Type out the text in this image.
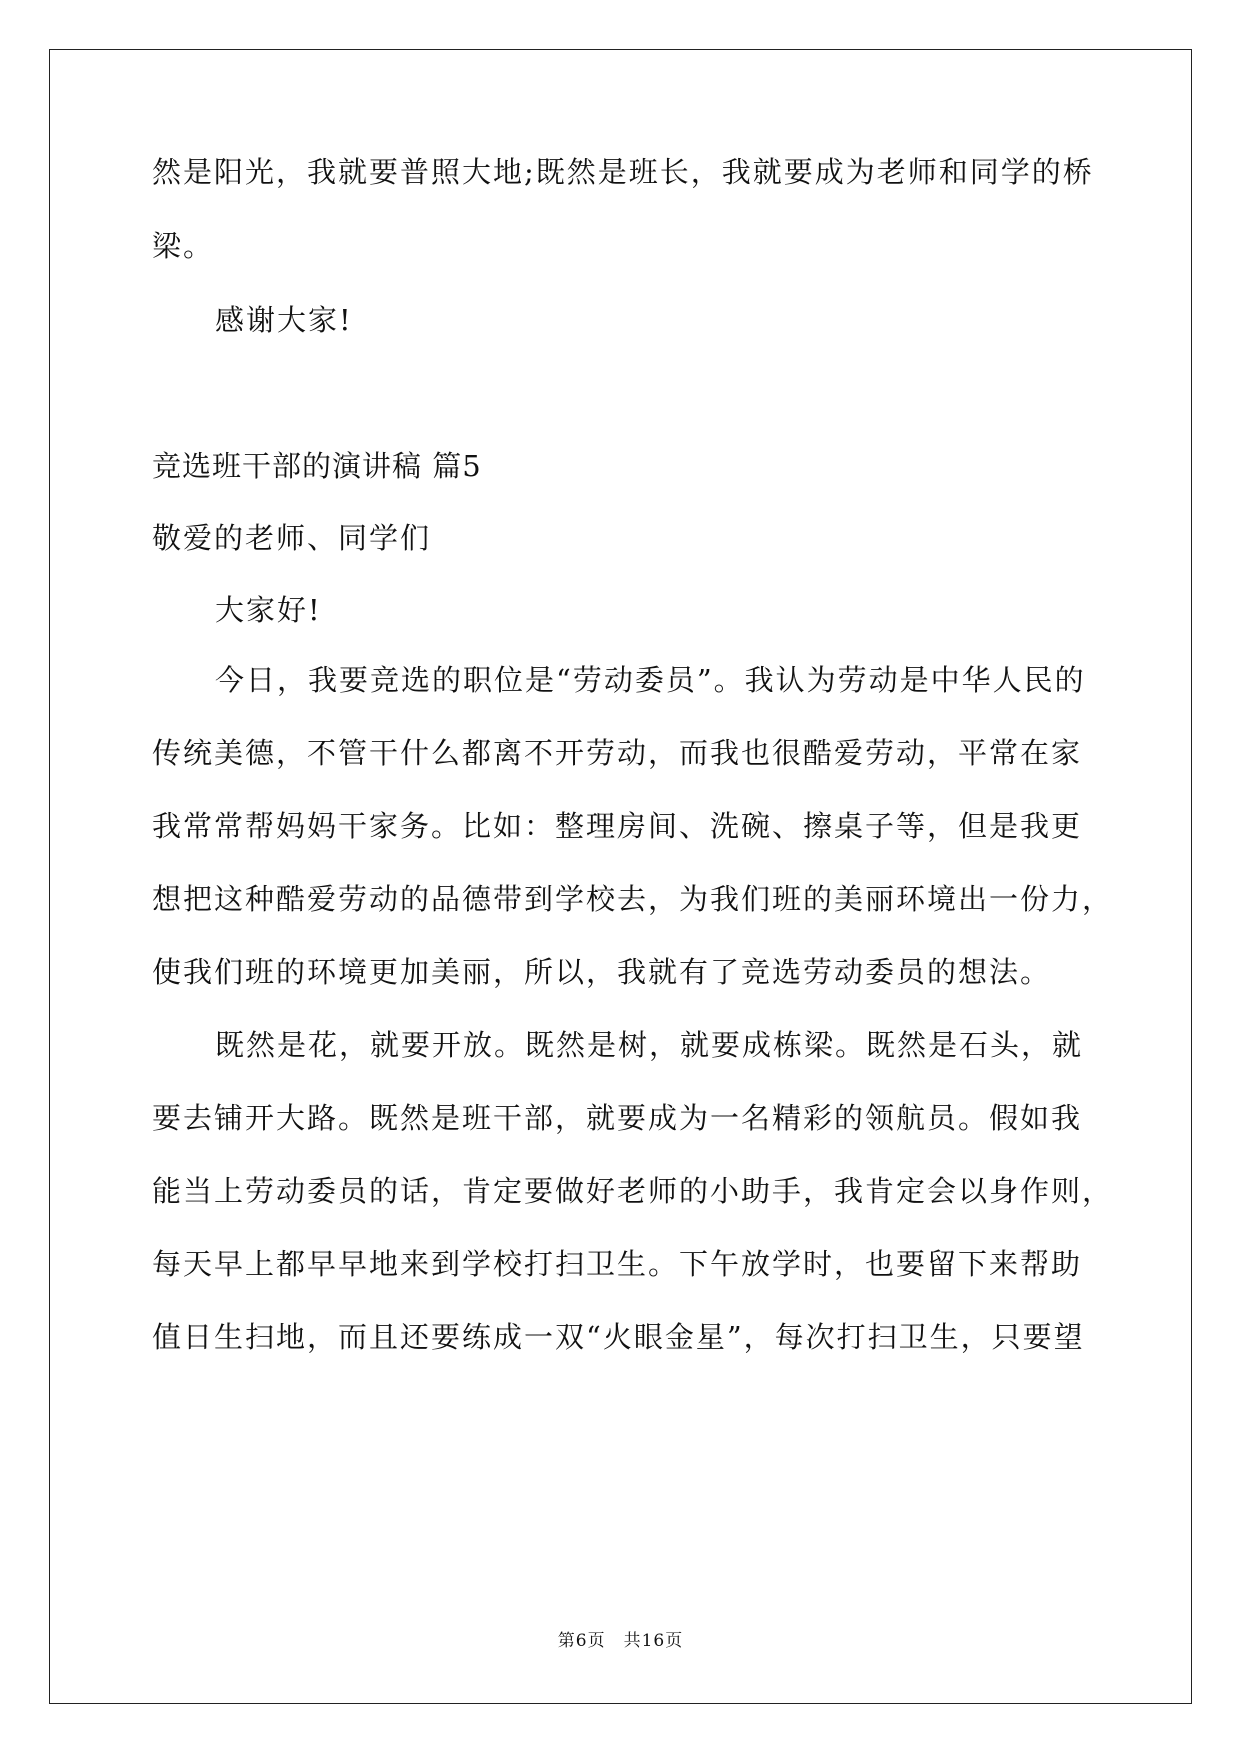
然是阳光，我就要普照大地;既然是班长，我就要成为老师和同学的桥
梁。
感谢大家!
竞选班干部的演讲稿 篇5
敬爱的老师、同学们
大家好!
今日，我要竞选的职位是“劳动委员”。我认为劳动是中华人民的
传统美德，不管干什么都离不开劳动，而我也很酷爱劳动，平常在家
我常常帮妈妈干家务。比如：整理房间、洗碗、擦桌子等，但是我更
想把这种酷爱劳动的品德带到学校去，为我们班的美丽环境出一份力，
使我们班的环境更加美丽，所以，我就有了竞选劳动委员的想法。
既然是花，就要开放。既然是树，就要成栋梁。既然是石头，就
要去铺开大路。既然是班干部，就要成为一名精彩的领航员。假如我
能当上劳动委员的话，肯定要做好老师的小助手，我肯定会以身作则，
每天早上都早早地来到学校打扫卫生。下午放学时，也要留下来帮助
值日生扫地，而且还要练成一双“火眼金星”，每次打扫卫生，只要望
第6页 共16页
